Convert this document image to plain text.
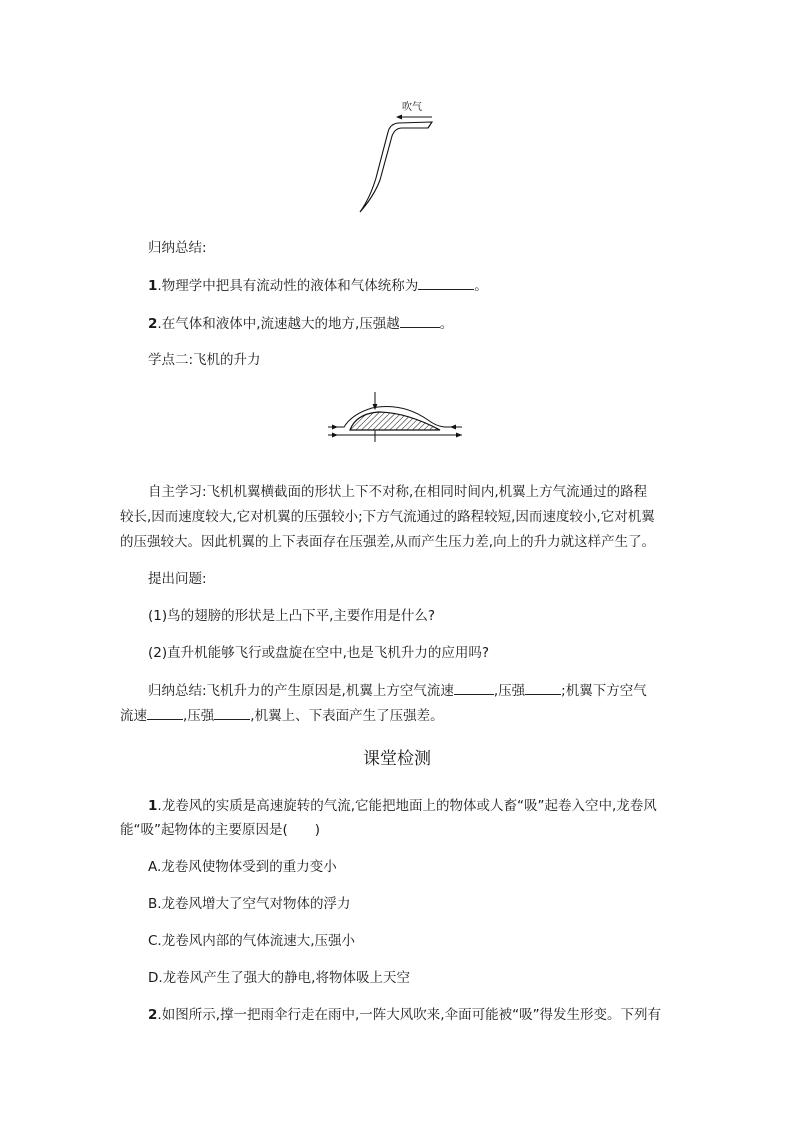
吹气
归纳总结:
1.物理学中把具有流动性的液体和气体统称为	。
2.在气体和液体中,流速越大的地方,压强越	。
学点二:飞机的升力
自主学习:飞机机翼横截面的形状上下不对称,在相同时间内,机翼上方气流通过的路程
较长,因而速度较大,它对机翼的压强较小;下方气流通过的路程较短,因而速度较小,它对机翼
的压强较大。因此机翼的上下表面存在压强差,从而产生压力差,向上的升力就这样产生了。
提出问题:
(1)鸟的翅膀的形状是上凸下平,主要作用是什么?
(2)直升机能够飞行或盘旋在空中,也是飞机升力的应用吗?
归纳总结:飞机升力的产生原因是,机翼上方空气流速	,压强	;机翼下方空气
流速	,压强	,机翼上、下表面产生了压强差。
课堂检测
1.龙卷风的实质是高速旋转的气流,它能把地面上的物体或人畜“吸”起卷入空中,龙卷风
能“吸”起物体的主要原因是(　　)
A.龙卷风使物体受到的重力变小
B.龙卷风增大了空气对物体的浮力
C.龙卷风内部的气体流速大,压强小
D.龙卷风产生了强大的静电,将物体吸上天空
2.如图所示,撑一把雨伞行走在雨中,一阵大风吹来,伞面可能被“吸”得发生形变。下列有
